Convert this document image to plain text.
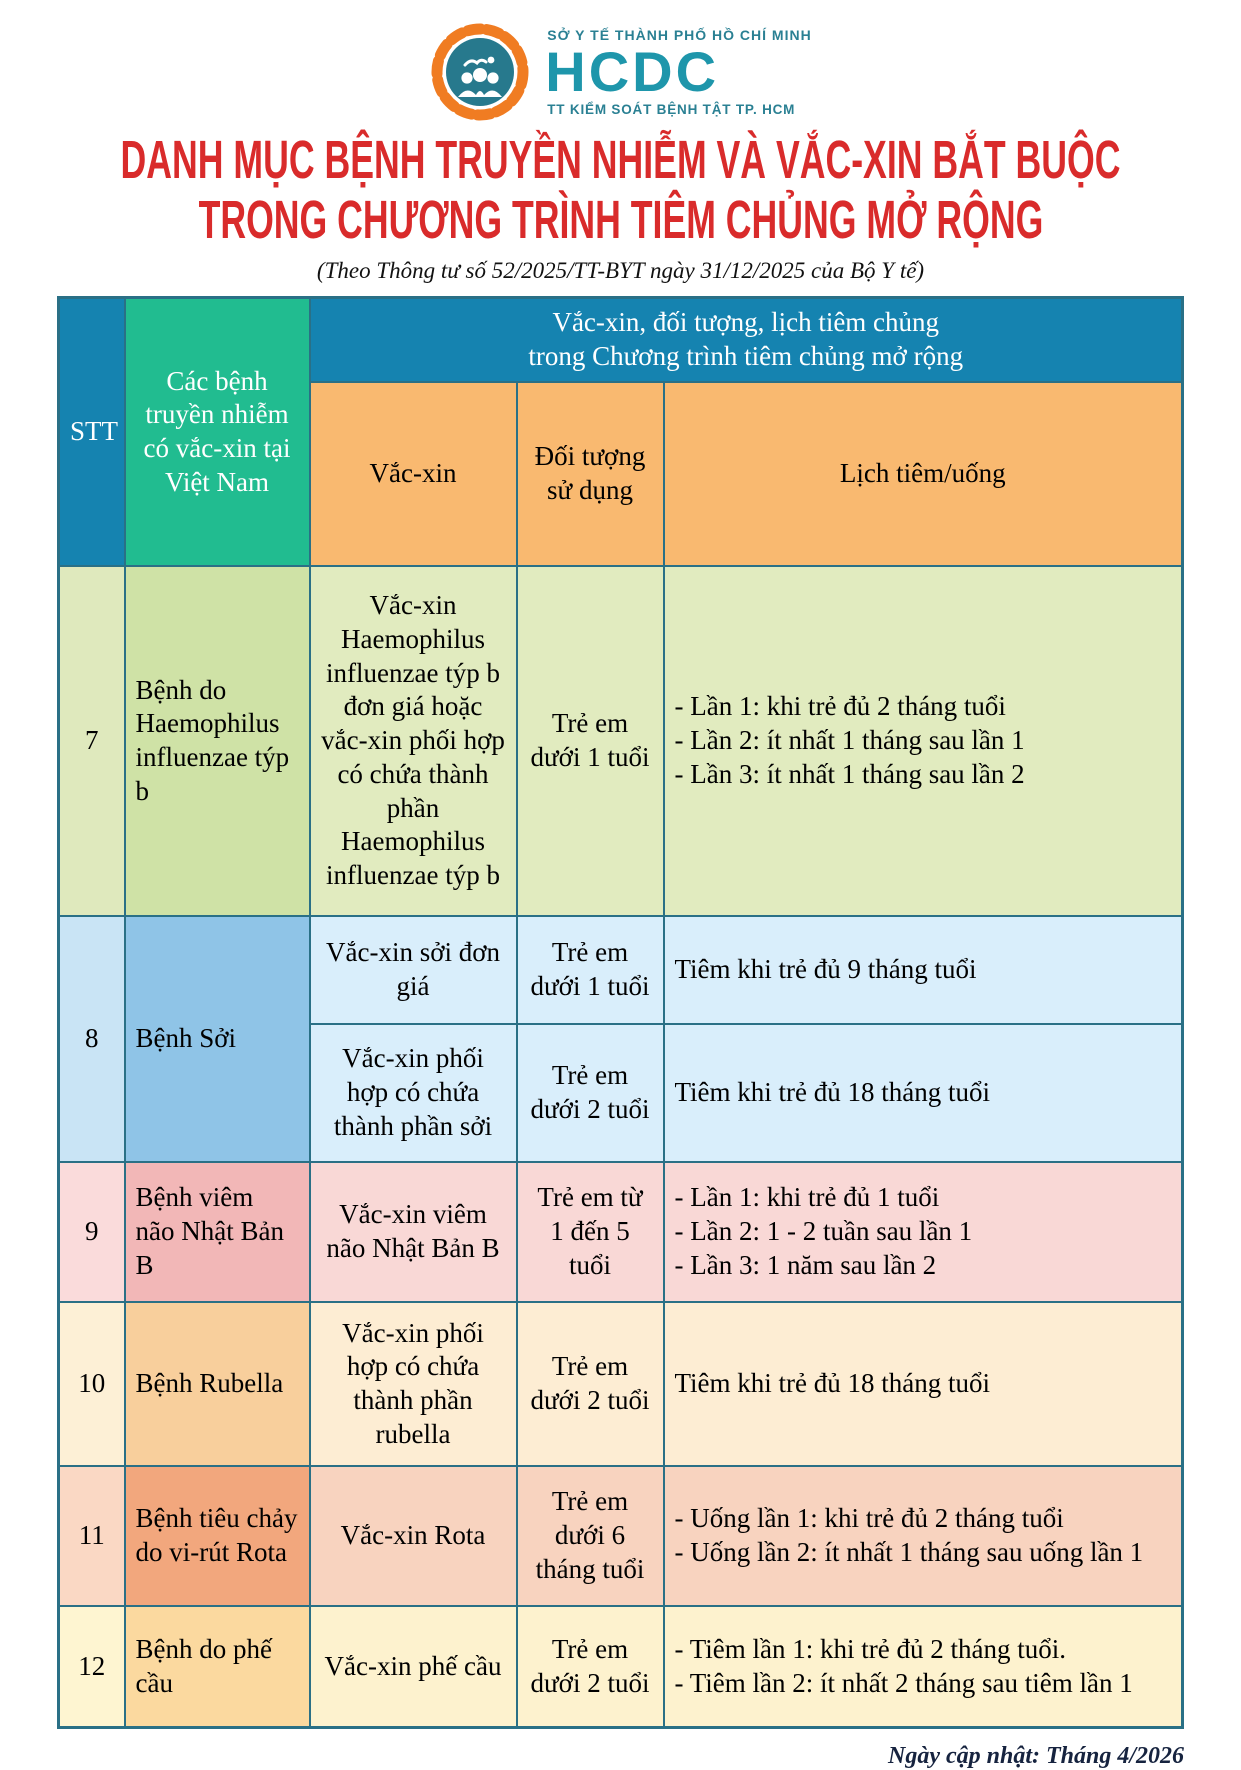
SỞ Y TẾ THÀNH PHỐ HỒ CHÍ MINH
HCDC
TT KIỂM SOÁT BỆNH TẬT TP. HCM
DANH MỤC BỆNH TRUYỀN NHIỄM VÀ VẮC-XIN BẮT BUỘC
TRONG CHƯƠNG TRÌNH TIÊM CHỦNG MỞ RỘNG
(Theo Thông tư số 52/2025/TT-BYT ngày 31/12/2025 của Bộ Y tế)
STT	Các bệnh truyền nhiễm có vắc-xin tại Việt Nam	Vắc-xin, đối tượng, lịch tiêm chủng
trong Chương trình tiêm chủng mở rộng		

		Vắc-xin	Đối tượng sử dụng	Lịch tiêm/uống
7	Bệnh do Haemophilus influenzae týp b	Vắc-xin Haemophilus influenzae týp b đơn giá hoặc vắc-xin phối hợp có chứa thành phần Haemophilus influenzae týp b	Trẻ em dưới 1 tuổi	- Lần 1: khi trẻ đủ 2 tháng tuổi
- Lần 2: ít nhất 1 tháng sau lần 1
- Lần 3: ít nhất 1 tháng sau lần 2

8	Bệnh Sởi	Vắc-xin sởi đơn giá	Trẻ em dưới 1 tuổi	Tiêm khi trẻ đủ 9 tháng tuổi

		Vắc-xin phối hợp có chứa thành phần sởi	Trẻ em dưới 2 tuổi	Tiêm khi trẻ đủ 18 tháng tuổi

9	Bệnh viêm não Nhật Bản B	Vắc-xin viêm não Nhật Bản B	Trẻ em từ 1 đến 5 tuổi	- Lần 1: khi trẻ đủ 1 tuổi
- Lần 2: 1 - 2 tuần sau lần 1
- Lần 3: 1 năm sau lần 2

10	Bệnh Rubella	Vắc-xin phối hợp có chứa thành phần rubella	Trẻ em dưới 2 tuổi	Tiêm khi trẻ đủ 18 tháng tuổi

11	Bệnh tiêu chảy do vi-rút Rota	Vắc-xin Rota	Trẻ em dưới 6 tháng tuổi	- Uống lần 1: khi trẻ đủ 2 tháng tuổi
- Uống lần 2: ít nhất 1 tháng sau uống lần 1

12	Bệnh do phế cầu	Vắc-xin phế cầu	Trẻ em dưới 2 tuổi	- Tiêm lần 1: khi trẻ đủ 2 tháng tuổi.
- Tiêm lần 2: ít nhất 2 tháng sau tiêm lần 1
Ngày cập nhật: Tháng 4/2026
